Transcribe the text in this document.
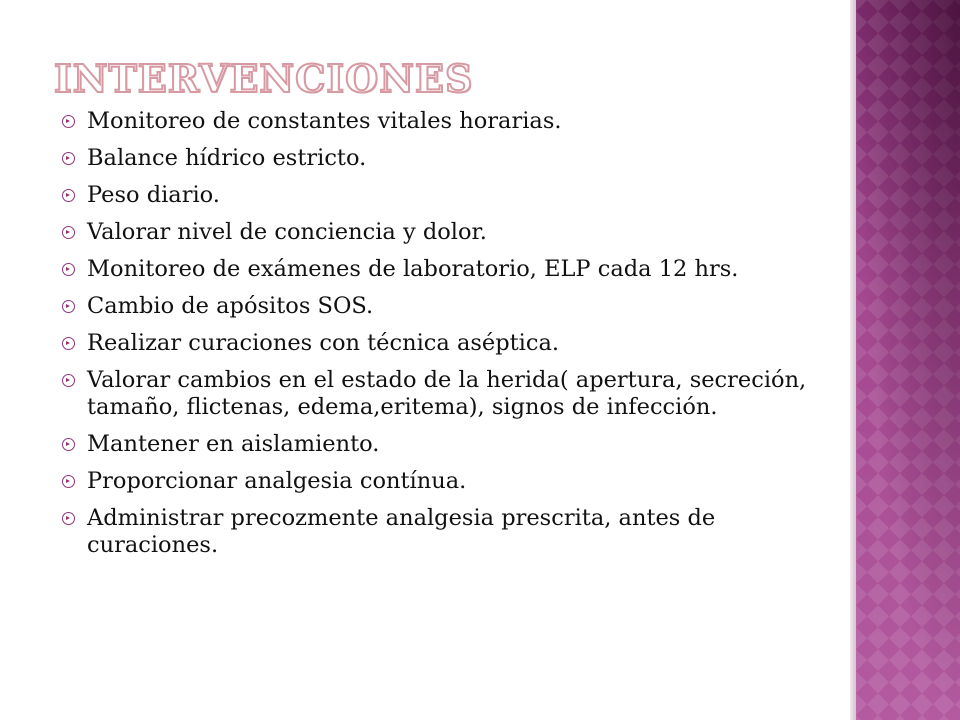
INTERVENCIONES
Monitoreo de constantes vitales horarias.
Balance hídrico estricto.
Peso diario.
Valorar nivel de conciencia y dolor.
Monitoreo de exámenes de laboratorio, ELP cada 12 hrs.
Cambio de apósitos SOS.
Realizar curaciones con técnica aséptica.
Valorar cambios en el estado de la herida( apertura, secreción, tamaño, flictenas, edema,eritema), signos de infección.
Mantener en aislamiento.
Proporcionar analgesia contínua.
Administrar precozmente analgesia prescrita, antes de curaciones.
